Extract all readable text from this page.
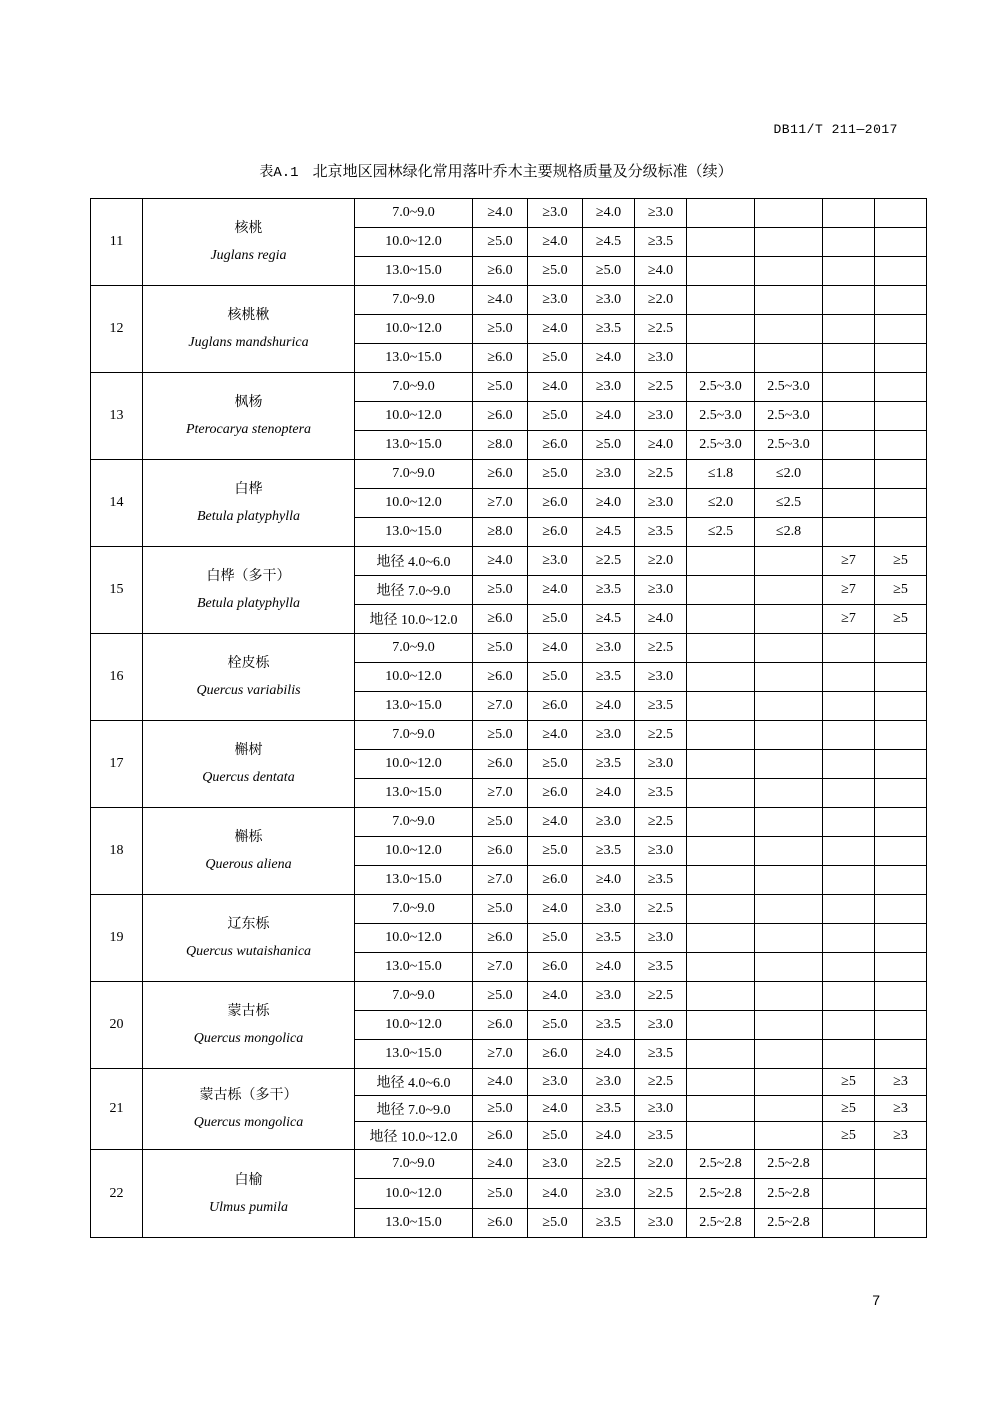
DB11/T 211—2017
表A.1 北京地区园林绿化常用落叶乔木主要规格质量及分级标准（续）
11	核桃
Juglans regia	7.0~9.0	≥4.0	≥3.0	≥4.0	≥3.0				
		10.0~12.0	≥5.0	≥4.0	≥4.5	≥3.5				
		13.0~15.0	≥6.0	≥5.0	≥5.0	≥4.0				
12	核桃楸
Juglans mandshurica	7.0~9.0	≥4.0	≥3.0	≥3.0	≥2.0				
		10.0~12.0	≥5.0	≥4.0	≥3.5	≥2.5				
		13.0~15.0	≥6.0	≥5.0	≥4.0	≥3.0				
13	枫杨
Pterocarya stenoptera	7.0~9.0	≥5.0	≥4.0	≥3.0	≥2.5	2.5~3.0	2.5~3.0		
		10.0~12.0	≥6.0	≥5.0	≥4.0	≥3.0	2.5~3.0	2.5~3.0		
		13.0~15.0	≥8.0	≥6.0	≥5.0	≥4.0	2.5~3.0	2.5~3.0		
14	白桦
Betula platyphylla	7.0~9.0	≥6.0	≥5.0	≥3.0	≥2.5	≤1.8	≤2.0		
		10.0~12.0	≥7.0	≥6.0	≥4.0	≥3.0	≤2.0	≤2.5		
		13.0~15.0	≥8.0	≥6.0	≥4.5	≥3.5	≤2.5	≤2.8		
15	白桦（多干）
Betula platyphylla	地径 4.0~6.0	≥4.0	≥3.0	≥2.5	≥2.0			≥7	≥5
		地径 7.0~9.0	≥5.0	≥4.0	≥3.5	≥3.0			≥7	≥5
		地径 10.0~12.0	≥6.0	≥5.0	≥4.5	≥4.0			≥7	≥5
16	栓皮栎
Quercus variabilis	7.0~9.0	≥5.0	≥4.0	≥3.0	≥2.5				
		10.0~12.0	≥6.0	≥5.0	≥3.5	≥3.0				
		13.0~15.0	≥7.0	≥6.0	≥4.0	≥3.5				
17	槲树
Quercus dentata	7.0~9.0	≥5.0	≥4.0	≥3.0	≥2.5				
		10.0~12.0	≥6.0	≥5.0	≥3.5	≥3.0				
		13.0~15.0	≥7.0	≥6.0	≥4.0	≥3.5				
18	槲栎
Querous aliena	7.0~9.0	≥5.0	≥4.0	≥3.0	≥2.5				
		10.0~12.0	≥6.0	≥5.0	≥3.5	≥3.0				
		13.0~15.0	≥7.0	≥6.0	≥4.0	≥3.5				
19	辽东栎
Quercus wutaishanica	7.0~9.0	≥5.0	≥4.0	≥3.0	≥2.5				
		10.0~12.0	≥6.0	≥5.0	≥3.5	≥3.0				
		13.0~15.0	≥7.0	≥6.0	≥4.0	≥3.5				
20	蒙古栎
Quercus mongolica	7.0~9.0	≥5.0	≥4.0	≥3.0	≥2.5				
		10.0~12.0	≥6.0	≥5.0	≥3.5	≥3.0				
		13.0~15.0	≥7.0	≥6.0	≥4.0	≥3.5				
21	蒙古栎（多干）
Quercus mongolica	地径 4.0~6.0	≥4.0	≥3.0	≥3.0	≥2.5			≥5	≥3
		地径 7.0~9.0	≥5.0	≥4.0	≥3.5	≥3.0			≥5	≥3
		地径 10.0~12.0	≥6.0	≥5.0	≥4.0	≥3.5			≥5	≥3
22	白榆
Ulmus pumila	7.0~9.0	≥4.0	≥3.0	≥2.5	≥2.0	2.5~2.8	2.5~2.8		
		10.0~12.0	≥5.0	≥4.0	≥3.0	≥2.5	2.5~2.8	2.5~2.8		
		13.0~15.0	≥6.0	≥5.0	≥3.5	≥3.0	2.5~2.8	2.5~2.8		
7
